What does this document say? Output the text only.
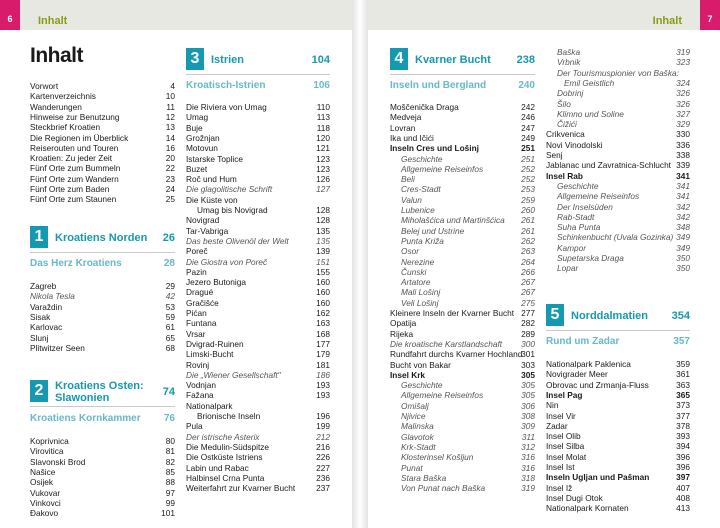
Inhalt	Inhalt
6	7
Inhalt
Vorwort	4
Kartenverzeichnis	10
Wanderungen	11
Hinweise zur Benutzung	12
Steckbrief Kroatien	13
Die Regionen im Überblick	14
Reiserouten und Touren	16
Kroatien: Zu jeder Zeit	20
Fünf Orte zum Bummeln	22
Fünf Orte zum Wandern	23
Fünf Orte zum Baden	24
Fünf Orte zum Staunen	25
1	Kroatiens Norden 26
Das Herz Kroatiens	28
Zagreb	29
Nikola Tesla	42
Varaždin	53
Sisak	59
Karlovac	61
Slunj	65
Plitwitzer Seen	68
2	Kroatiens Osten:
Slawonien	74
Kroatiens Kornkammer 76
Koprivnica	80
Virovitica	81
Slavonski Brod	82
Našice	85
Osijek	88
Vukovar	97
Vinkovci	99
Đakovo	101
3	Istrien	104
Kroatisch-Istrien	106
Die Riviera von Umag	110
Umag	113
Buje	118
Grožnjan	120
Motovun	121
Istarske Toplice	123
Buzet	123
Roč und Hum	126
Die glagolitische Schrift	127
Die Küste von
Umag bis Novigrad	128
Novigrad	128
Tar-Vabriga	135
Das beste Olivenöl der Welt	135
Poreč	139
Die Giostra von Poreč	151
Pazin	155
Jezero Butoniga	160
Dragué	160
Gračišće	160
Pićan	162
Funtana	163
Vrsar	168
Dvigrad-Ruinen	177
Limski-Bucht	179
Rovinj	181
Die „Wiener Gesellschaft"	186
Vodnjan	193
Fažana	193
Nationalpark
Brionische Inseln	196
Pula	199
Der istrische Asterix	212
Die Medulin-Südspitze	216
Die Ostküste Istriens	226
Labin und Rabac	227
Halbinsel Crna Punta	236
Weiterfahrt zur Kvarner Bucht	237
4	Kvarner Bucht 238
Inseln und Bergland	240
Moščenička Draga	242
Medveja	246
Lovran	247
Ika und Ičići	249
Inseln Cres und Lošinj	251
Geschichte	251
Allgemeine Reiseinfos	252
Beli	252
Cres-Stadt	253
Valun	259
Lubenice	260
Miholašćica und Martinšćica 261
Belej und Ustrine	261
Punta Križa	262
Osor	263
Nerezine	264
Čunski	266
Artatore	267
Mali Lošinj	267
Veli Lošinj	275
Kleinere Inseln der Kvarner Bucht 277
Opatija	282
Rijeka	289
Die kroatische Karstlandschaft 300
Rundfahrt durchs Kvarner Hochland
301
Bucht von Bakar	303
Insel Krk	305
Geschichte	305
Allgemeine Reiseinfos	305
Omišalj	306
Njivice	308
Malinska	309
Glavotok	311
Krk-Stadt	312
Klosterinsel Košljun	316
Punat	316
Stara Baška	318
Von Punat nach Baška	319
Baška	319
Vrbnik	323
Der Tourismuspionier von Baška:
Emil Geistlich	324
Dobrinj	326
Šilo	326
Klimno und Soline	327
Čižići	329
Crikvenica	330
Novi Vinodolski	336
Senj	338
Jablanac und Zavratnica-Schlucht 339
Insel Rab	341
Geschichte	341
Allgemeine Reiseinfos	341
Der Inselsüden	342
Rab-Stadt	342
Suha Punta	348
Schinkenbucht (Uvala Gozinka) 349
Kampor	349
Supetarska Draga	350
Lopar	350
5	Norddalmatien 354
Rund um Zadar	357
Nationalpark Paklenica	359
Novigrader Meer	361
Obrovac und Zrmanja-Fluss	363
Insel Pag	365
Nin	373
Insel Vir	377
Zadar	378
Insel Olib	393
Insel Silba	394
Insel Molat	396
Insel Ist	396
Inseln Ugljan und Pašman	397
Insel Iž	407
Insel Dugi Otok	408
Nationalpark Kornaten	413
